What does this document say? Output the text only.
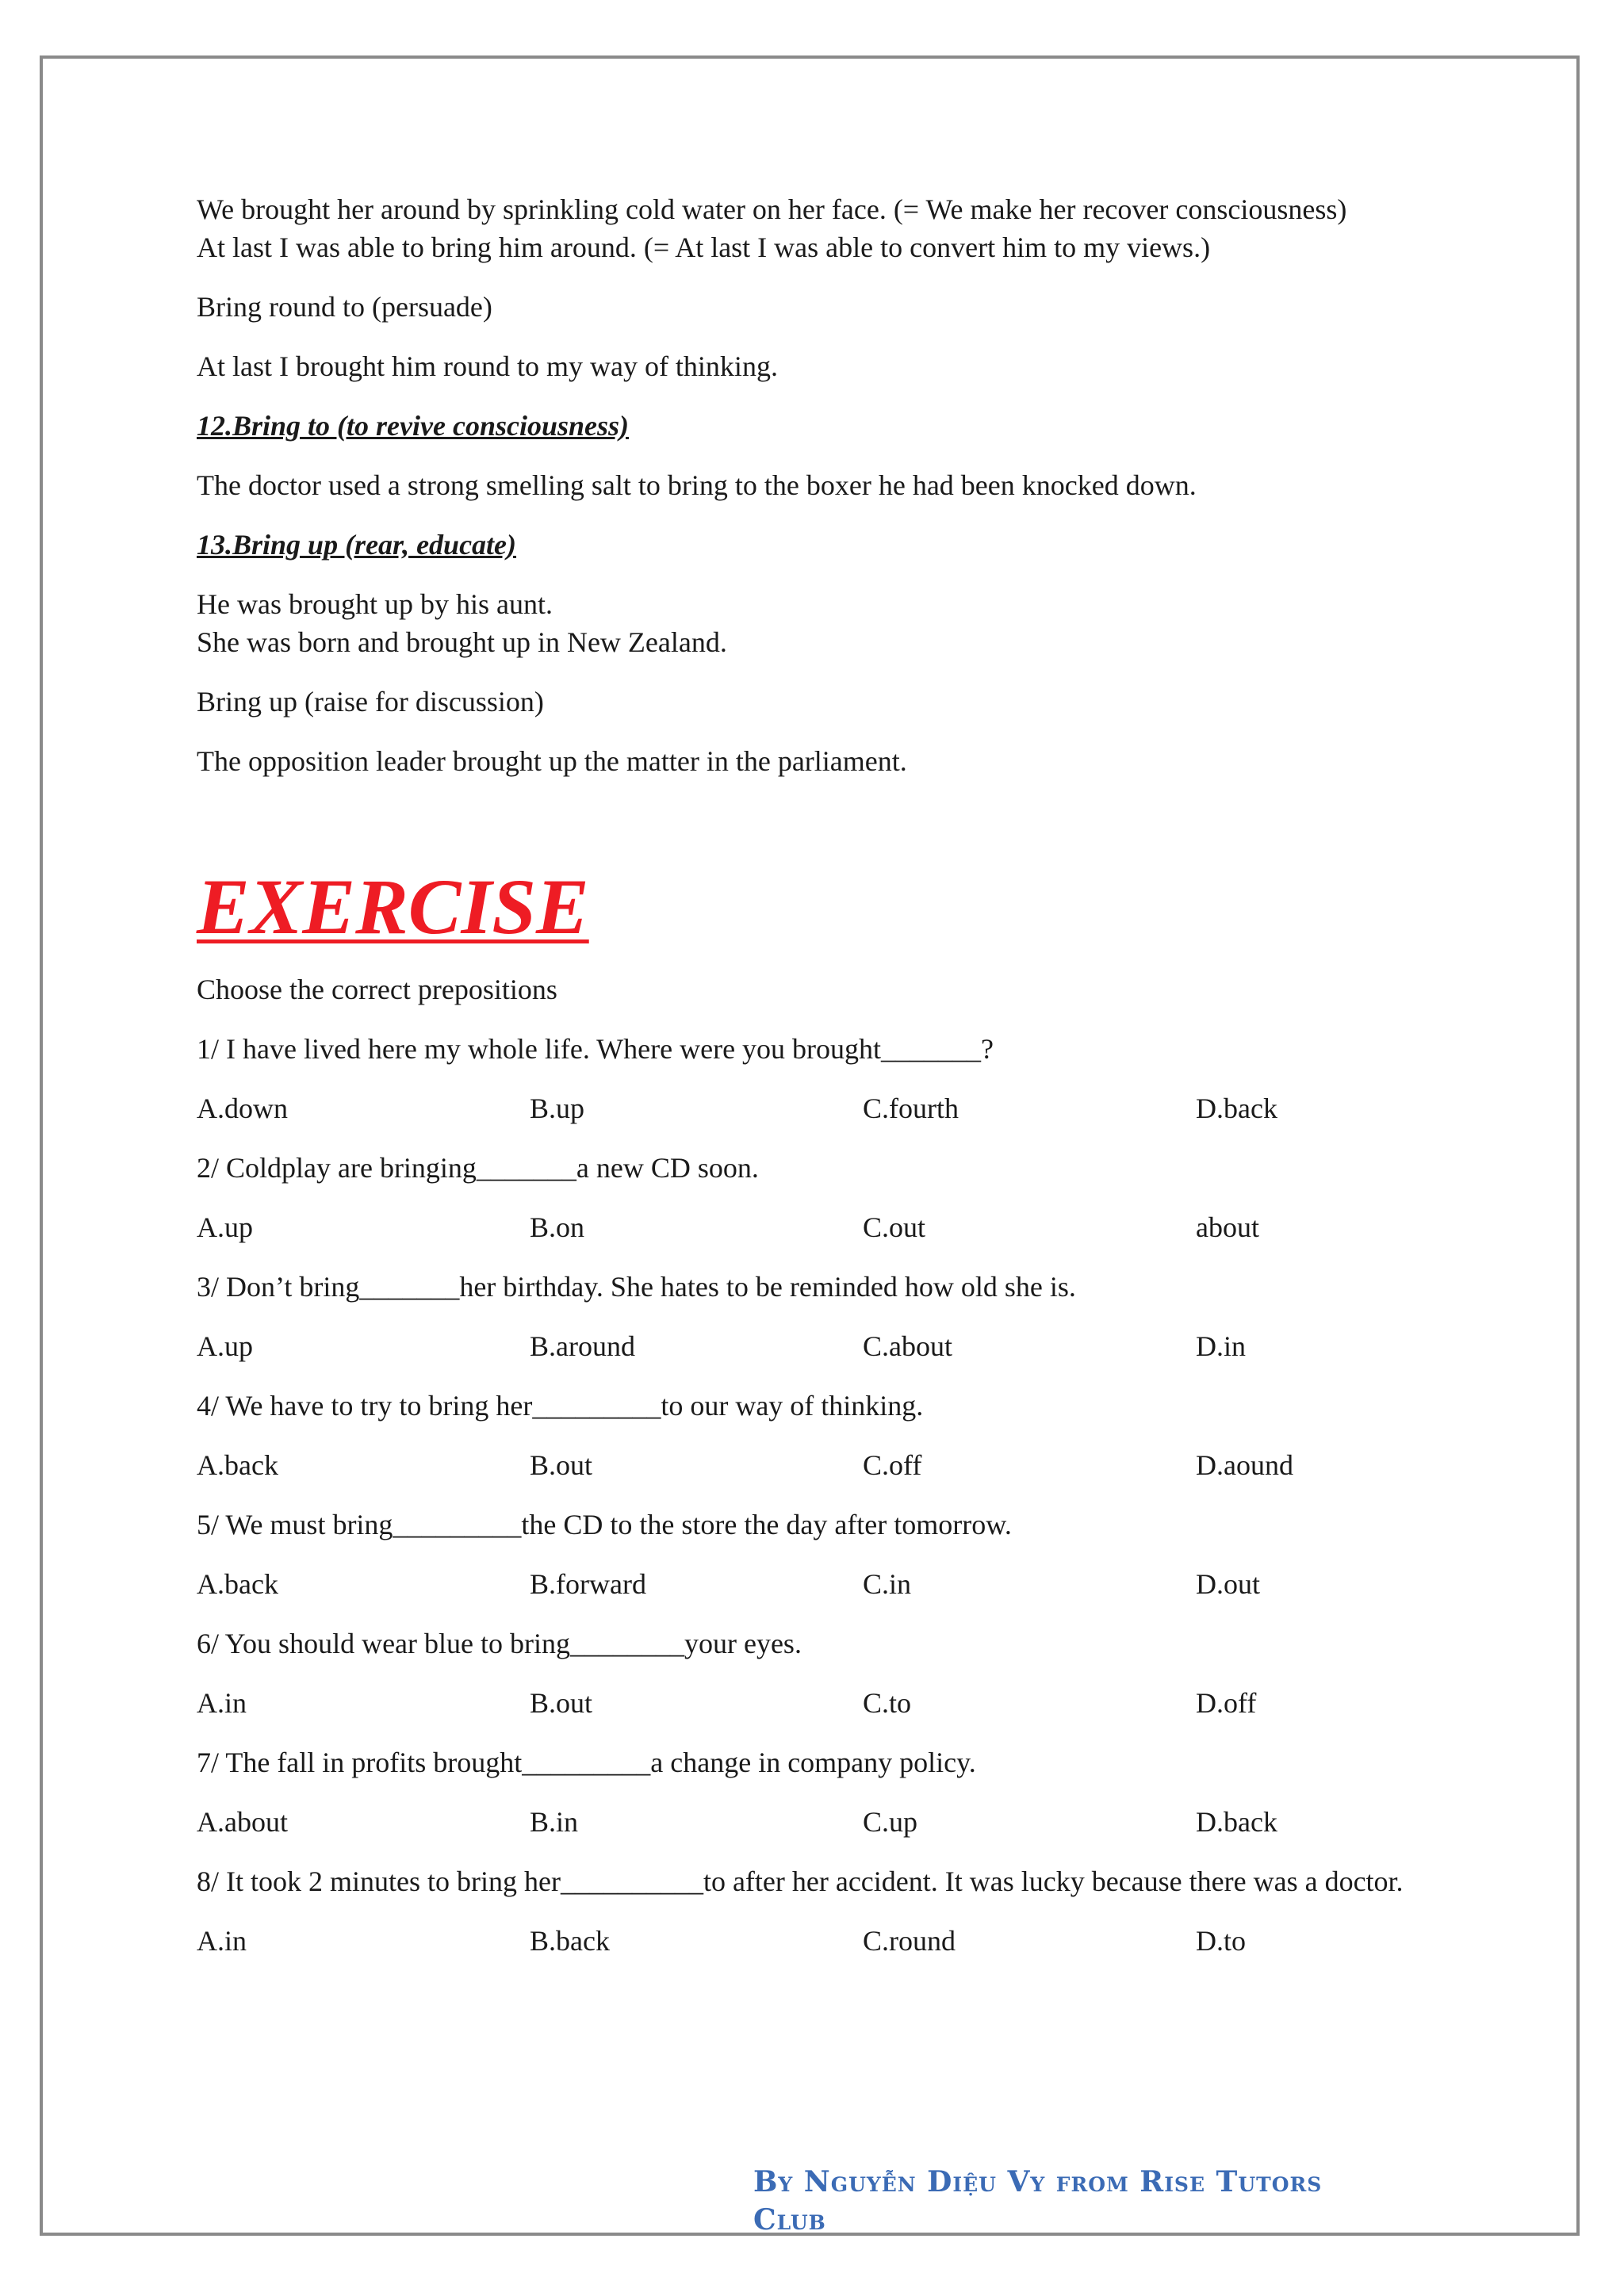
We brought her around by sprinkling cold water on her face. (= We make her recover consciousness)
At last I was able to bring him around. (= At last I was able to convert him to my views.)

Bring round to (persuade)

At last I brought him round to my way of thinking.

12.Bring to (to revive consciousness)

The doctor used a strong smelling salt to bring to the boxer he had been knocked down.

13.Bring up (rear, educate)

He was brought up by his aunt.
She was born and brought up in New Zealand.

Bring up (raise for discussion)

The opposition leader brought up the matter in the parliament.

EXERCISE

Choose the correct prepositions

1/ I have lived here my whole life. Where were you brought_______?

A.down	B.up	C.fourth	D.back

2/ Coldplay are bringing_______a new CD soon.

A.up	B.on	C.out	about

3/ Don’t bring_______her birthday. She hates to be reminded how old she is.

A.up	B.around	C.about	D.in

4/ We have to try to bring her_________to our way of thinking.

A.back	B.out	C.off	D.aound

5/ We must bring_________the CD to the store the day after tomorrow.

A.back	B.forward	C.in	D.out

6/ You should wear blue to bring________your eyes.

A.in	B.out	C.to	D.off

7/ The fall in profits brought_________a change in company policy.

A.about	B.in	C.up	D.back

8/ It took 2 minutes to bring her__________to after her accident. It was lucky because there was a doctor.

A.in	B.back	C.round	D.to
By Nguyễn Diệu Vy from Rise Tutors Club
